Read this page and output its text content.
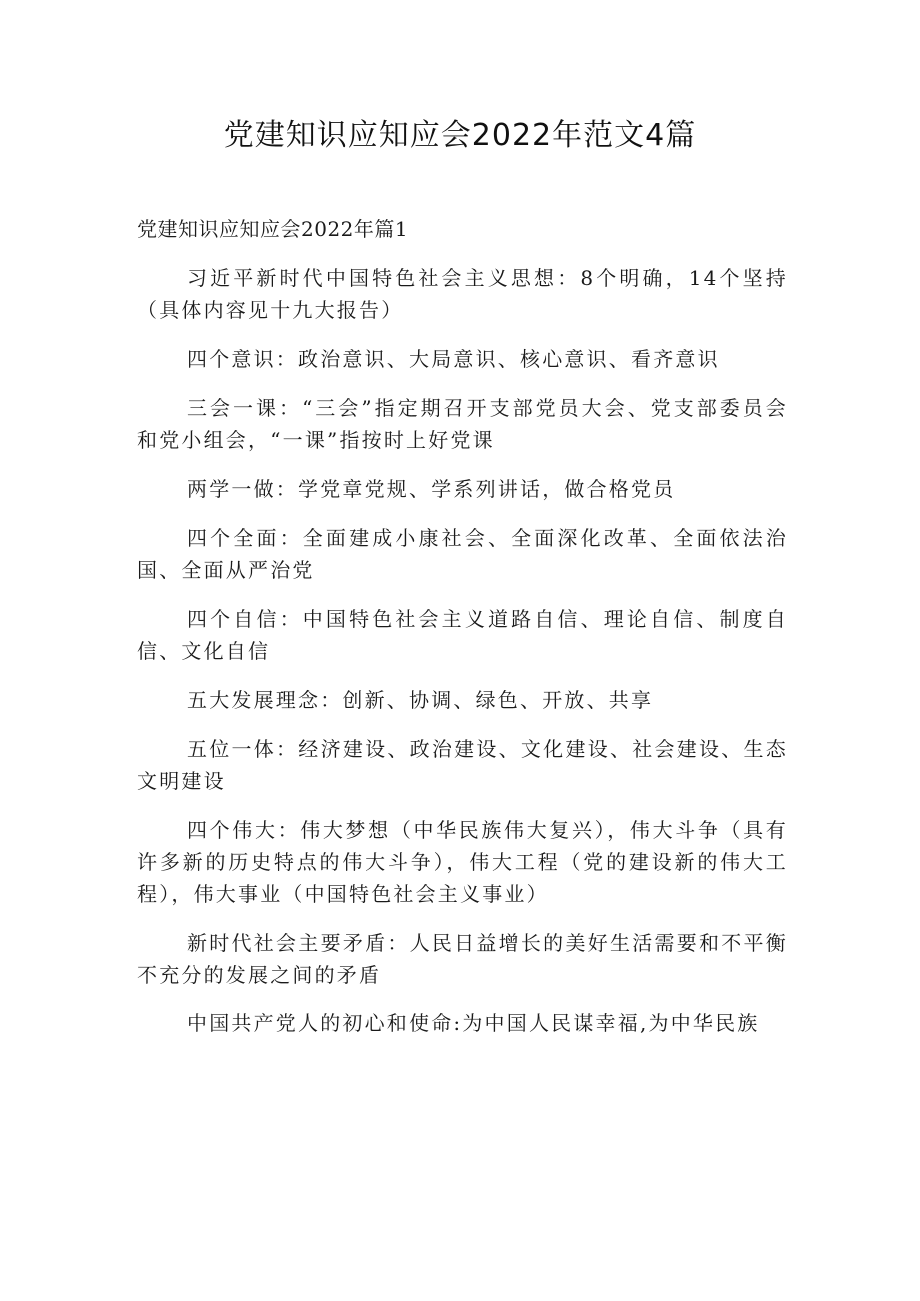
党建知识应知应会2022年范文4篇
党建知识应知应会2022年篇1

习近平新时代中国特色社会主义思想：8个明确，14个坚持（具体内容见十九大报告）

四个意识：政治意识、大局意识、核心意识、看齐意识

三会一课：“三会”指定期召开支部党员大会、党支部委员会和党小组会，“一课”指按时上好党课

两学一做：学党章党规、学系列讲话，做合格党员

四个全面：全面建成小康社会、全面深化改革、全面依法治国、全面从严治党

四个自信：中国特色社会主义道路自信、理论自信、制度自信、文化自信

五大发展理念：创新、协调、绿色、开放、共享

五位一体：经济建设、政治建设、文化建设、社会建设、生态文明建设

四个伟大：伟大梦想（中华民族伟大复兴），伟大斗争（具有许多新的历史特点的伟大斗争），伟大工程（党的建设新的伟大工程），伟大事业（中国特色社会主义事业）

新时代社会主要矛盾：人民日益增长的美好生活需要和不平衡不充分的发展之间的矛盾

中国共产党人的初心和使命:为中国人民谋幸福,为中华民族
